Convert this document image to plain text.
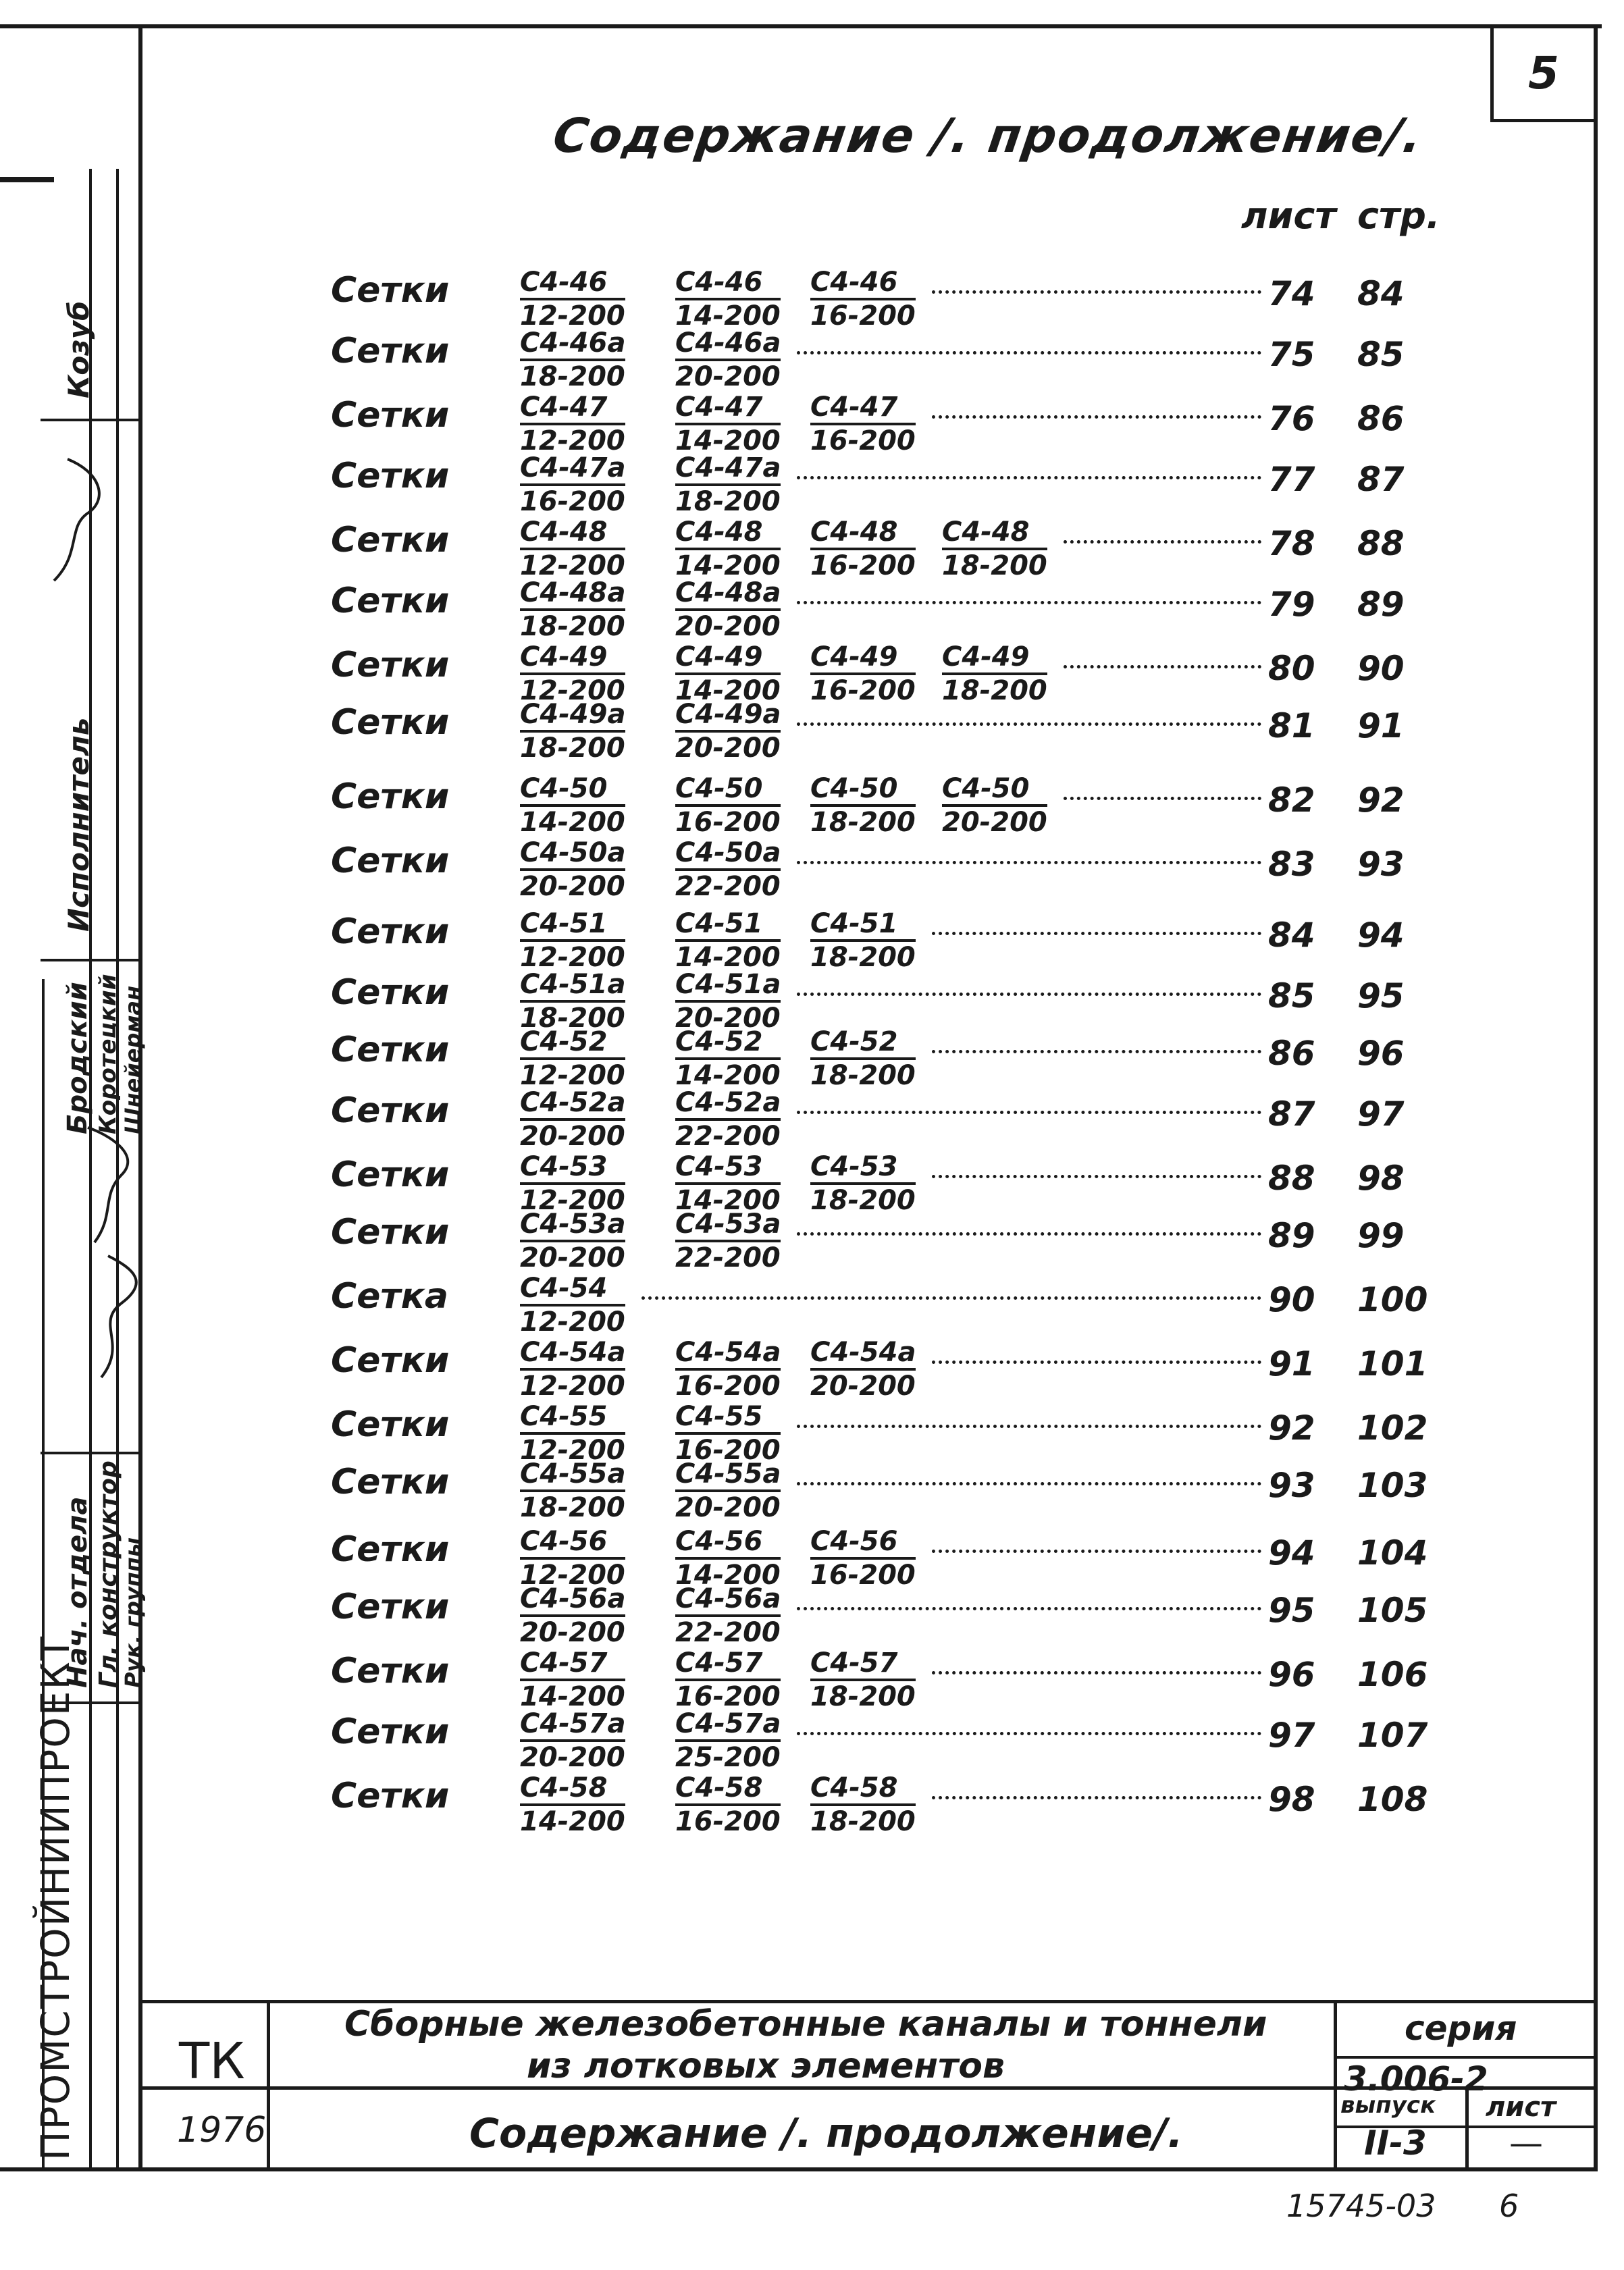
5
Содержание /. продолжение/.
лист стр.
Сетки	С4-46
12-200
С4-46
14-200
С4-46
16-200
74 84
Сетки	С4-46а
18-200
С4-46а
20-200
75 85
Сетки	С4-47
12-200
С4-47
14-200
С4-47
16-200
76 86
Сетки	С4-47а
16-200
С4-47а
18-200
77 87
Сетки	С4-48
12-200
С4-48
14-200
С4-48
16-200
С4-48
18-200
78 88
Сетки	С4-48а
18-200
С4-48а
20-200
79 89
Сетки	С4-49
12-200
С4-49
14-200
С4-49
16-200
С4-49
18-200
80 90
Сетки	С4-49а
18-200
С4-49а
20-200
81 91
Сетки	С4-50
14-200
С4-50
16-200
С4-50
18-200
С4-50
20-200
82 92
Сетки	С4-50а
20-200
С4-50а
22-200
83 93
Сетки	С4-51
12-200
С4-51
14-200
С4-51
18-200
84 94
Сетки	С4-51а
18-200
С4-51а
20-200
85 95
Сетки	С4-52
12-200
С4-52
14-200
С4-52
18-200
86 96
Сетки	С4-52а
20-200
С4-52а
22-200
87 97
Сетки	С4-53
12-200
С4-53
14-200
С4-53
18-200
88 98
Сетки	С4-53а
20-200
С4-53а
22-200
89 99
Сетка	С4-54
12-200
90 100
Сетки	С4-54а
12-200
С4-54а
16-200
С4-54а
20-200
91 101
Сетки	С4-55
12-200
С4-55
16-200
92 102
Сетки	С4-55а
18-200
С4-55а
20-200
93 103
Сетки	С4-56
12-200
С4-56
14-200
С4-56
16-200
94 104
Сетки	С4-56а
20-200
С4-56а
22-200
95 105
Сетки	С4-57
14-200
С4-57
16-200
С4-57
18-200
96 106
Сетки	С4-57а
20-200
С4-57а
25-200
97 107
Сетки	С4-58
14-200
С4-58
16-200
С4-58
18-200
98 108
ПРОМСТРОЙНИИПРОЕКТ
Нач. отдела Гл. конструктор
Рук. группы
Исполнитель
Бродский Коротецкий
Шнейерман
Козуб
ТК
1976
Сборные железобетонные каналы и тоннели
из лотковых элементов
Содержание /. продолжение/.
серия
3.006-2
выпуск
II-3
лист
—
15745-03 6
